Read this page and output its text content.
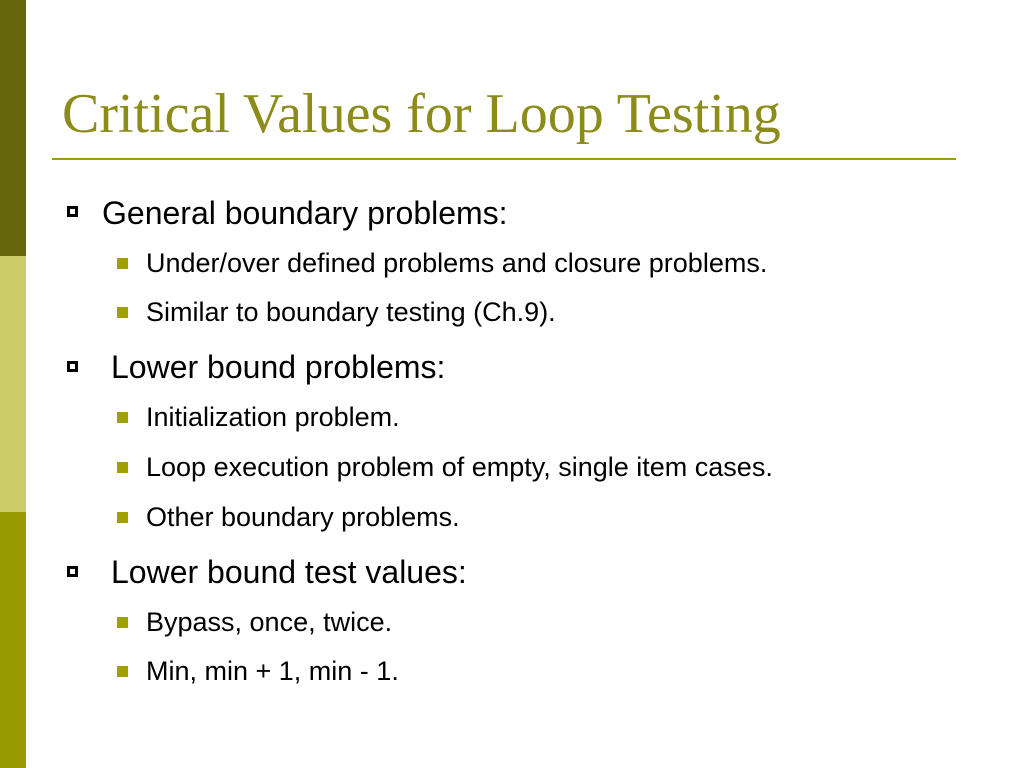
Critical Values for Loop Testing
General boundary problems:
Under/over defined problems and closure problems.
Similar to boundary testing (Ch.9).
Lower bound problems:
Initialization problem.
Loop execution problem of empty, single item cases.
Other boundary problems.
Lower bound test values:
Bypass, once, twice.
Min, min + 1, min - 1.
